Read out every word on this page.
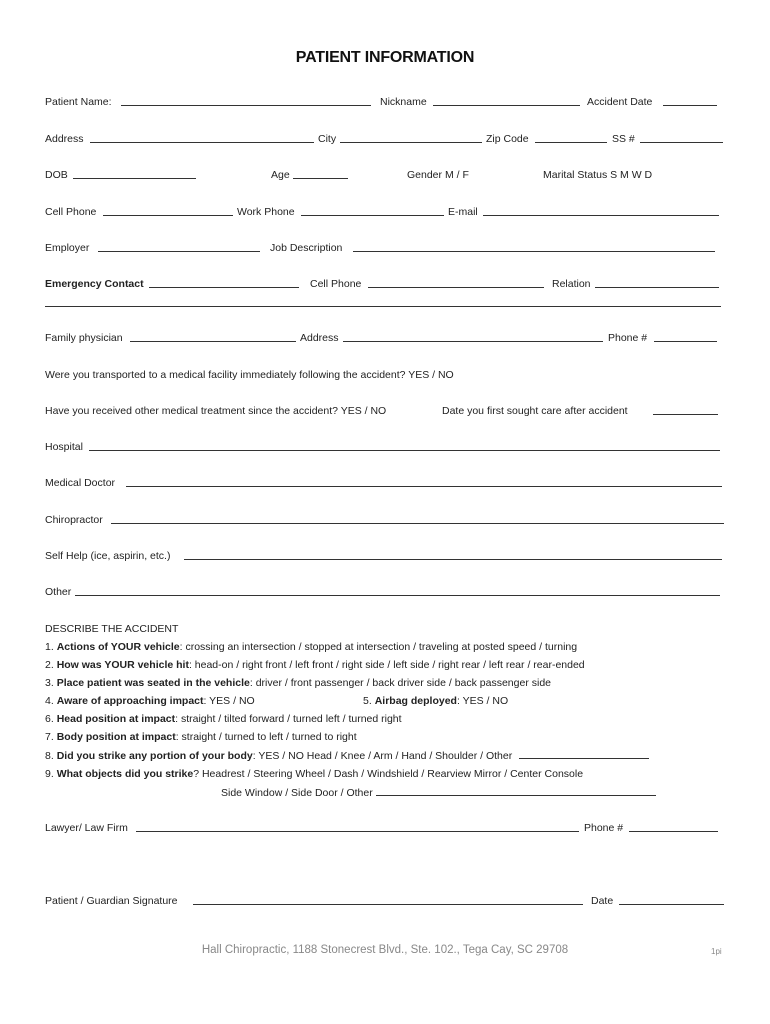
PATIENT INFORMATION
Patient Name:	Nickname	Accident Date
Address	City	Zip Code	SS #
DOB	Age	Gender M / F	Marital Status S M W D
Cell Phone	Work Phone	E-mail
Employer	Job Description
Emergency Contact	Cell Phone	Relation
Family physician	Address	Phone #
Were you transported to a medical facility immediately following the accident? YES / NO
Have you received other medical treatment since the accident? YES / NO	Date you first sought care after accident
Hospital
Medical Doctor
Chiropractor
Self Help (ice, aspirin, etc.)
Other
DESCRIBE THE ACCIDENT
1. Actions of YOUR vehicle: crossing an intersection / stopped at intersection / traveling at posted speed / turning
2. How was YOUR vehicle hit: head-on / right front / left front / right side / left side / right rear / left rear / rear-ended
3. Place patient was seated in the vehicle: driver / front passenger / back driver side / back passenger side
4. Aware of approaching impact: YES / NO	5. Airbag deployed: YES / NO
6. Head position at impact: straight / tilted forward / turned left / turned right
7. Body position at impact: straight / turned to left / turned to right
8. Did you strike any portion of your body: YES / NO Head / Knee / Arm / Hand / Shoulder / Other
9. What objects did you strike? Headrest / Steering Wheel / Dash / Windshield / Rearview Mirror / Center Console
Side Window / Side Door / Other
Lawyer/ Law Firm	Phone #
Patient / Guardian Signature	Date
Hall Chiropractic, 1188 Stonecrest Blvd., Ste. 102., Tega Cay, SC 29708	1pi
